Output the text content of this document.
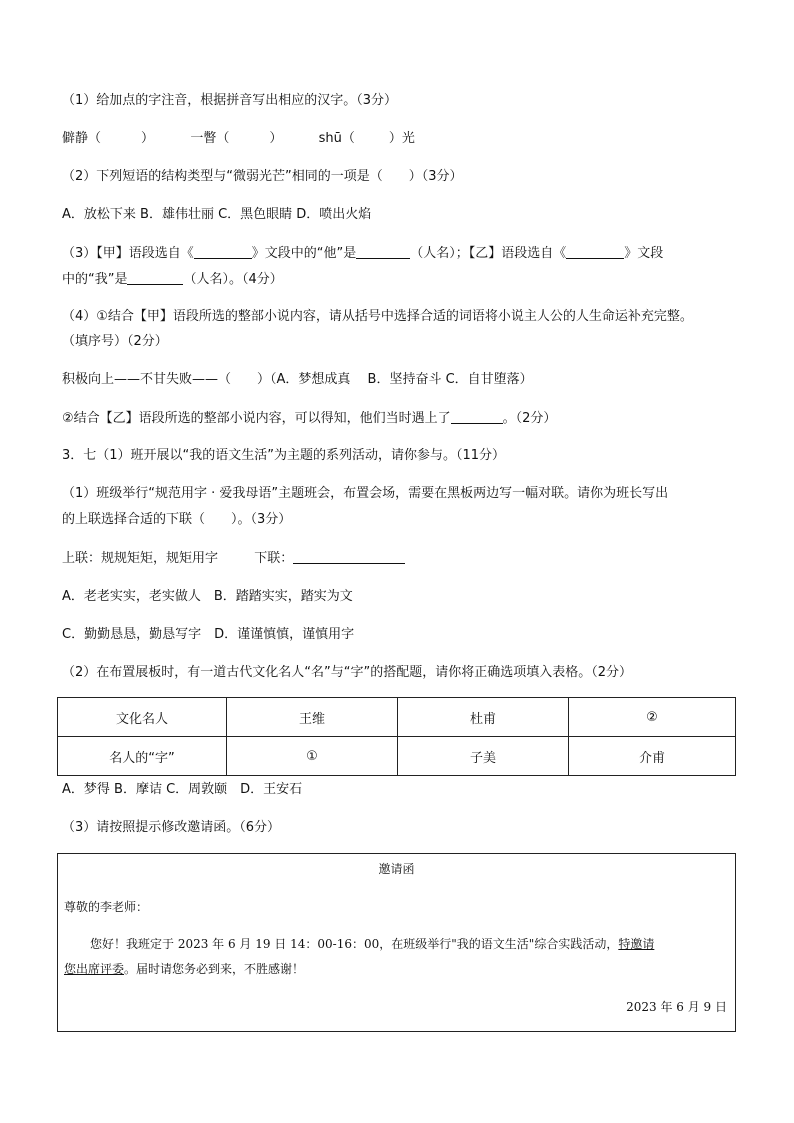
（1）给加点的字注音，根据拼音写出相应的汉字。（3分）
僻静（	）	一瞥（	）	shū（	）光
（2）下列短语的结构类型与“微弱光芒”相同的一项是（　　）（3分）
A．放松下来 B．雄伟壮丽 C．黑色眼睛 D．喷出火焰
（3）【甲】语段选自《	》文段中的“他”是	（人名）；【乙】语段选自《	》文段
中的“我”是	（人名）。（4分）
（4）①结合【甲】语段所选的整部小说内容，请从括号中选择合适的词语将小说主人公的人生命运补充完整。
（填序号）（2分）
积极向上——不甘失败——（　　）（A．梦想成真　 B．坚持奋斗 C．自甘堕落）
②结合【乙】语段所选的整部小说内容，可以得知，他们当时遇上了	。（2分）
3．七（1）班开展以“我的语文生活”为主题的系列活动，请你参与。（11分）
（1）班级举行“规范用字 · 爱我母语”主题班会，布置会场，需要在黑板两边写一幅对联。请你为班长写出
的上联选择合适的下联（　　）。（3分）
上联：规规矩矩，规矩用字	下联：
A．老老实实，老实做人　B．踏踏实实，踏实为文
C．勤勤恳恳，勤恳写字　D．谨谨慎慎，谨慎用字
（2）在布置展板时，有一道古代文化名人“名”与“字”的搭配题，请你将正确选项填入表格。（2分）
文化名人	王维	杜甫	②
名人的“字”	①	子美	介甫
A．梦得 B．摩诘 C．周敦颐　D．王安石
（3）请按照提示修改邀请函。（6分）
邀请函
尊敬的李老师：
您好！我班定于 2023 年 6 月 19 日 14：00-16：00，在班级举行"我的语文生活"综合实践活动，特邀请
您出席评委。届时请您务必到来，不胜感谢！
2023 年 6 月 9 日
